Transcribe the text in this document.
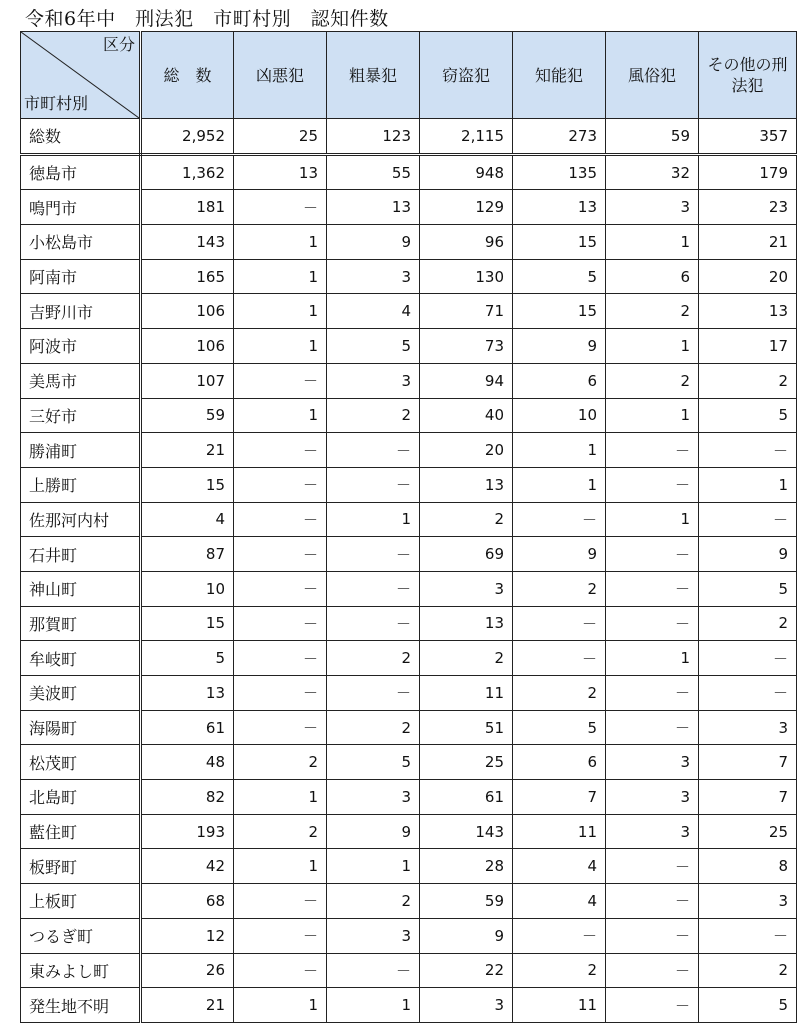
令和6年中　刑法犯　市町村別　認知件数
区分
市町村別	総　数	凶悪犯	粗暴犯	窃盗犯	知能犯	風俗犯	その他の刑法犯
総数	2,952	25	123	2,115	273	59	357
徳島市	1,362	13	55	948	135	32	179
鳴門市	181	－	13	129	13	3	23
小松島市	143	1	9	96	15	1	21
阿南市	165	1	3	130	5	6	20
吉野川市	106	1	4	71	15	2	13
阿波市	106	1	5	73	9	1	17
美馬市	107	－	3	94	6	2	2
三好市	59	1	2	40	10	1	5
勝浦町	21	－	－	20	1	－	－
上勝町	15	－	－	13	1	－	1
佐那河内村	4	－	1	2	－	1	－
石井町	87	－	－	69	9	－	9
神山町	10	－	－	3	2	－	5
那賀町	15	－	－	13	－	－	2
牟岐町	5	－	2	2	－	1	－
美波町	13	－	－	11	2	－	－
海陽町	61	－	2	51	5	－	3
松茂町	48	2	5	25	6	3	7
北島町	82	1	3	61	7	3	7
藍住町	193	2	9	143	11	3	25
板野町	42	1	1	28	4	－	8
上板町	68	－	2	59	4	－	3
つるぎ町	12	－	3	9	－	－	－
東みよし町	26	－	－	22	2	－	2
発生地不明	21	1	1	3	11	－	5
